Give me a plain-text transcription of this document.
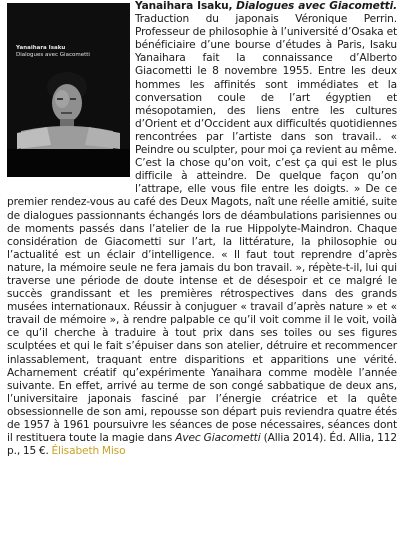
Yanaihara Isaku
Dialogues avec Giacometti
Yanaihara Isaku, Dialogues avec Giacometti. Traduction du japonais Véronique Perrin. Professeur de philosophie à l’université d’Osaka et bénéficiaire d’une bourse d’études à Paris, Isaku Yanaihara fait la connaissance d’Alberto Giacometti le 8 novembre 1955. Entre les deux hommes les affinités sont immédiates et la conversation coule de l’art égyptien et mésopotamien, des liens entre les cultures d’Orient et d’Occident aux difficultés quotidiennes rencontrées par l’artiste dans son travail.. « Peindre ou sculpter, pour moi ça revient au même. C’est la chose qu’on voit, c’est ça qui est le plus difficile à atteindre. De quelque façon qu’on l’attrape, elle vous file entre les doigts. » De ce premier rendez-vous au café des Deux Magots, naît une réelle amitié, suite de dialogues passionnants échangés lors de déambulations parisiennes ou de moments passés dans l’atelier de la rue Hippolyte-Maindron. Chaque considération de Giacometti sur l’art, la littérature, la philosophie ou l’actualité est un éclair d’intelligence. « Il faut tout reprendre d’après nature, la mémoire seule ne fera jamais du bon travail. », répète-t-il, lui qui traverse une période de doute intense et de désespoir et ce malgré le succès grandissant et les premières rétrospectives dans des grands musées internationaux. Réussir à conjuguer « travail d’après nature » et « travail de mémoire », à rendre palpable ce qu’il voit comme il le voit, voilà ce qu’il cherche à traduire à tout prix dans ses toiles ou ses figures sculptées et qui le fait s’épuiser dans son atelier, détruire et recommencer inlassablement, traquant entre disparitions et apparitions une vérité. Acharnement créatif qu’expérimente Yanaihara comme modèle l’année suivante. En effet, arrivé au terme de son congé sabbatique de deux ans, l’universitaire japonais fasciné par l’énergie créatrice et la quête obsessionnelle de son ami, repousse son départ puis reviendra quatre étés de 1957 à 1961 poursuivre les séances de pose nécessaires, séances dont il restituera toute la magie dans Avec Giacometti (Allia 2014). Éd. Allia, 112 p., 15 €. Élisabeth Miso
